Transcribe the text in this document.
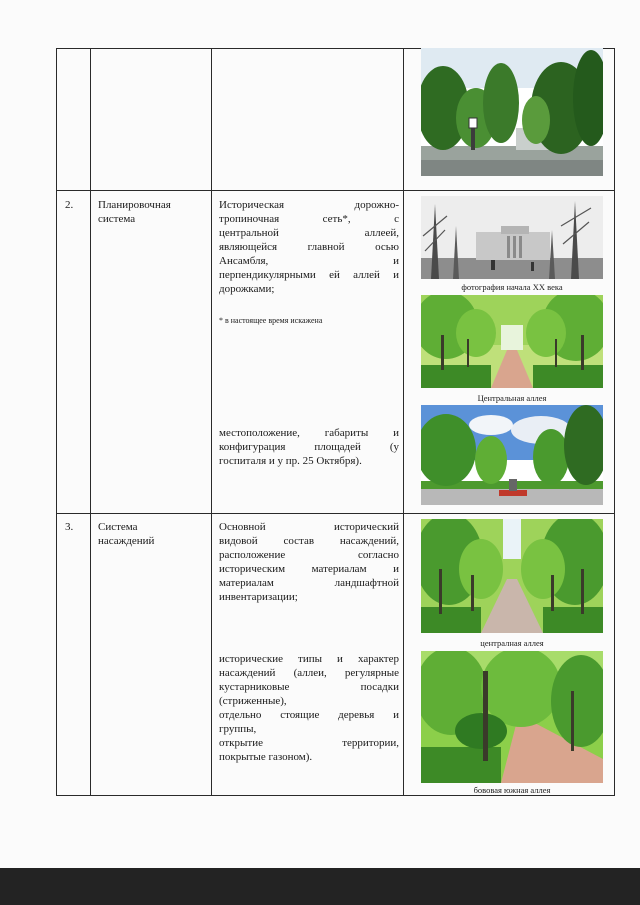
2. Планировочная
система
Историческая дорожно-
тропиночная сеть*, с
центральной аллеей,
являющейся главной осью
Ансамбля, и
перпендикулярными ей аллей и
дорожками;
* в настоящее время искажена
местоположение, габариты и
конфигурация площадей (у
госпиталя и у пр. 25 Октября).
фотография начала XX века
Центральная аллея
3. Система
насаждений
Основной исторический
видовой состав насаждений,
расположение согласно
историческим материалам и
материалам ландшафтной
инвентаризации;
исторические типы и характер
насаждений (аллеи, регулярные
кустарниковые посадки
(стриженные),
отдельно стоящие деревья и
группы,
открытие территории,
покрытые газоном).
централная аллея
бововая южная аллея
